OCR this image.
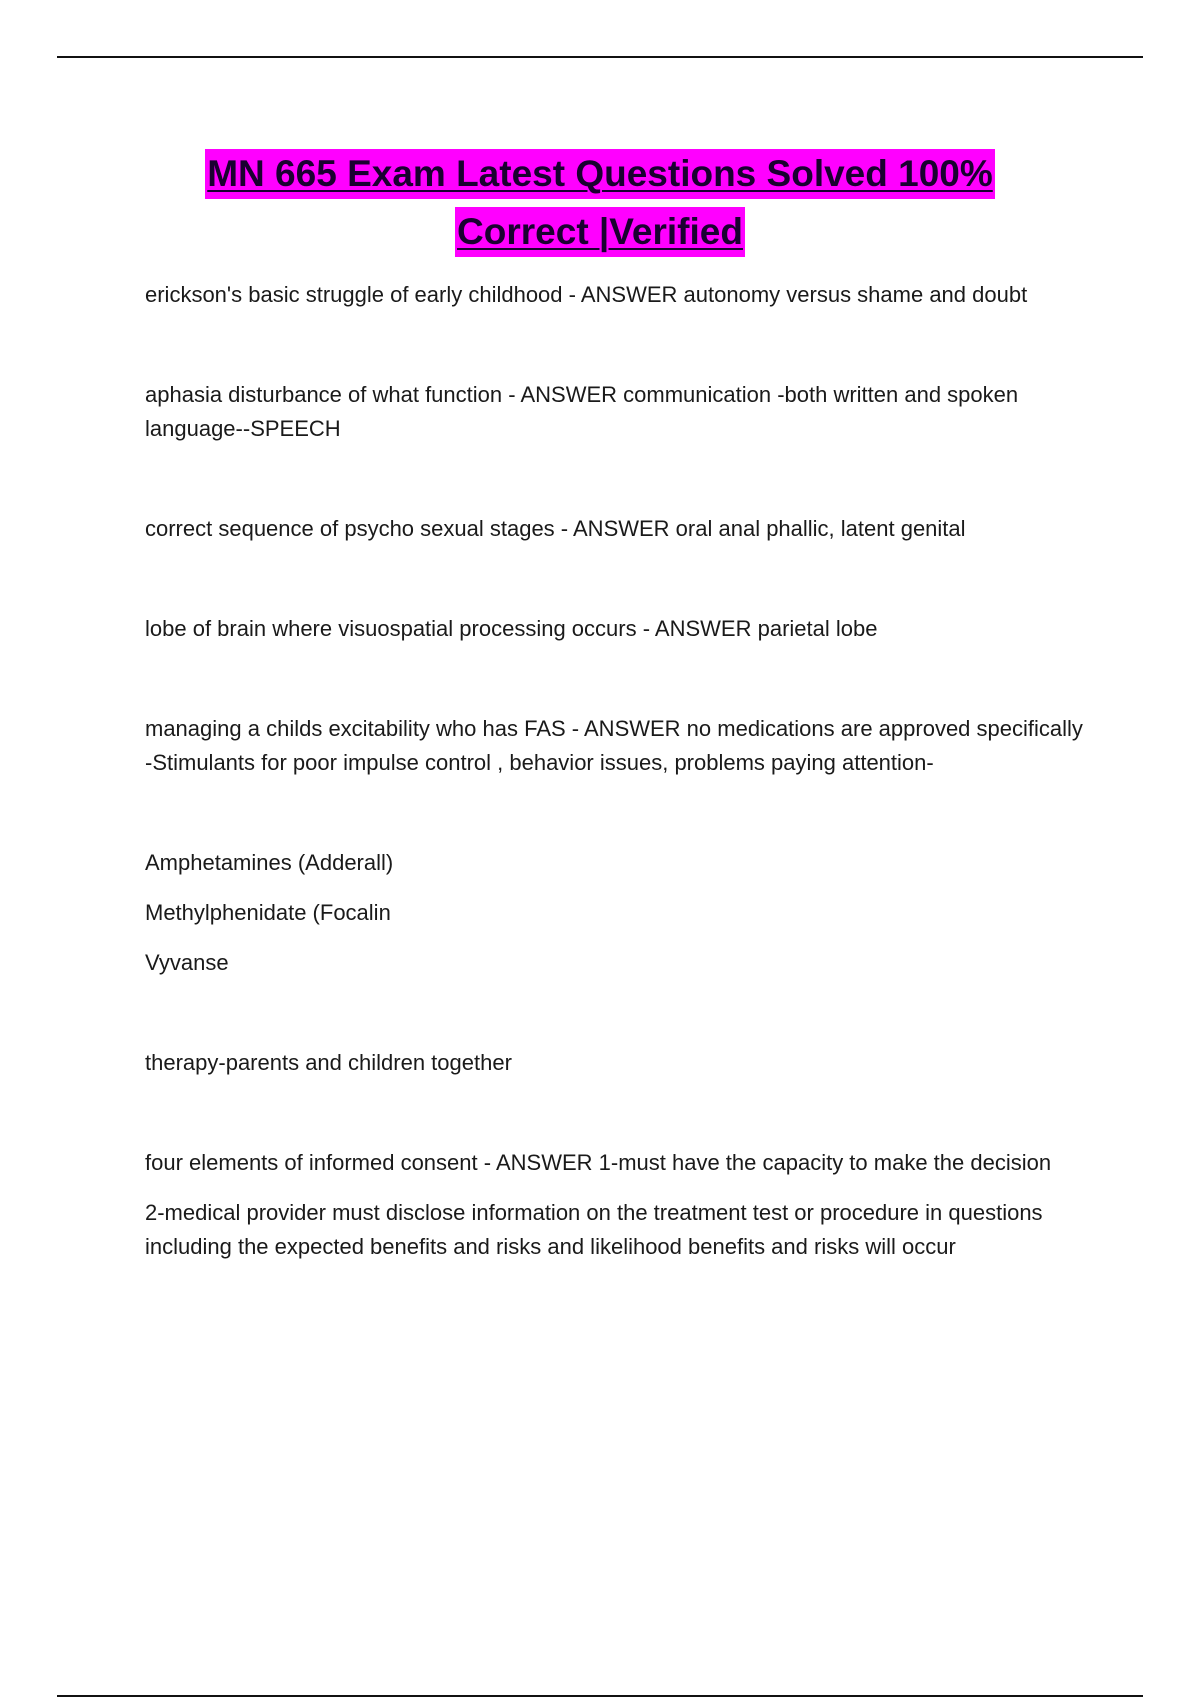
MN 665 Exam Latest Questions Solved 100%
Correct |Verified

erickson's basic struggle of early childhood - ANSWER autonomy versus shame and doubt

aphasia disturbance of what function - ANSWER communication -both written and spoken language--SPEECH

correct sequence of psycho sexual stages - ANSWER oral anal phallic, latent genital

lobe of brain where visuospatial processing occurs - ANSWER parietal lobe

managing a childs excitability who has FAS - ANSWER no medications are approved specifically -Stimulants for poor impulse control , behavior issues, problems paying attention-

Amphetamines (Adderall)

Methylphenidate (Focalin

Vyvanse

therapy-parents and children together

four elements of informed consent - ANSWER 1-must have the capacity to make the decision

2-medical provider must disclose information on the treatment test or procedure in questions including the expected benefits and risks and likelihood benefits and risks will occur
